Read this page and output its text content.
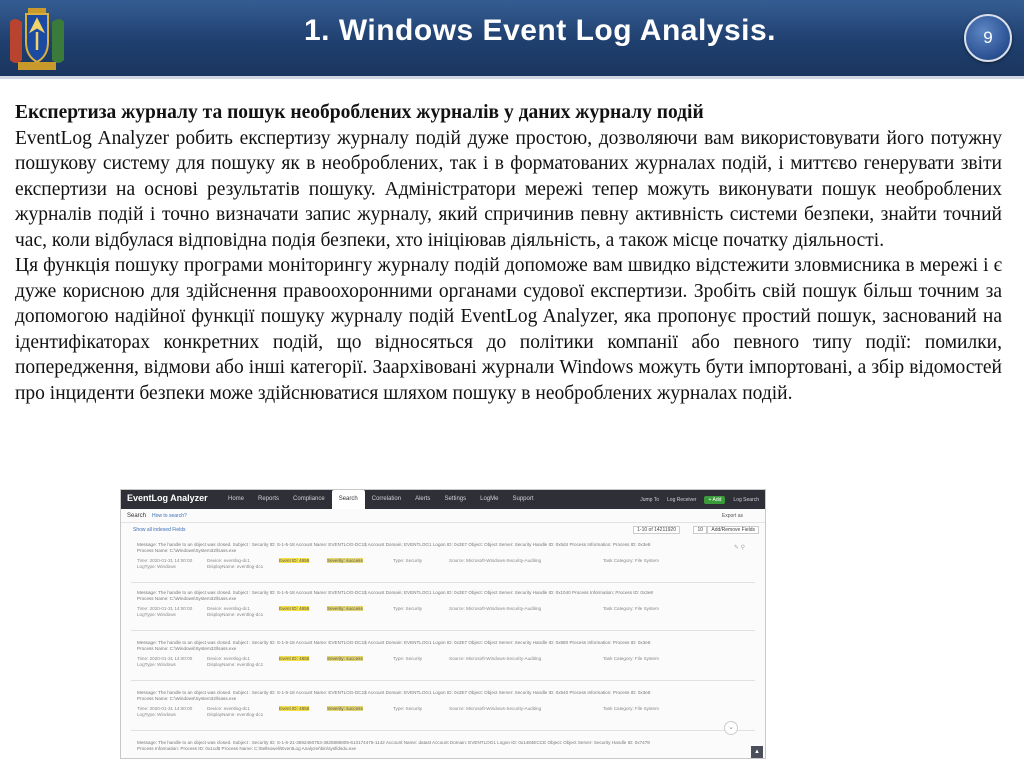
1. Windows Event Log Analysis.	9

Експертиза журналу та пошук необроблених журналів у даних журналу подій

EventLog Analyzer робить експертизу журналу подій дуже простою, дозволяючи вам використовувати його потужну пошукову систему для пошуку як в необроблених, так і в форматованих журналах подій, і миттєво генерувати звіти експертизи на основі результатів пошуку. Адміністратори мережі тепер можуть виконувати пошук необроблених журналів подій і точно визначати запис журналу, який спричинив певну активність системи безпеки, знайти точний час, коли відбулася відповідна подія безпеки, хто ініціював діяльність, а також місце початку діяльності.

Ця функція пошуку програми моніторингу журналу подій допоможе вам швидко відстежити зловмисника в мережі і є дуже корисною для здійснення правоохоронними органами судової експертизи. Зробіть свій пошук більш точним за допомогою надійної функції пошуку журналу подій EventLog Analyzer, яка пропонує простий пошук, заснований на ідентифікаторах конкретних подій, що відносяться до політики компанії або певного типу події: помилки, попередження, відмови або інші категорії. Заархівовані журнали Windows можуть бути імпортовані, а збір відомостей про інциденти безпеки може здійснюватися шляхом пошуку в необроблених журналах подій.

EventLog Analyzer	Home	Reports	Compliance	Search	Correlation	Alerts	Settings	LogMe	Support	Jump To Log Receiver	+ Add	Log Search
Search How to search?	Export as
Show all indexed Fields	1-10 of 14211920	10	Add/Remove Fields
Message: The handle to an object was closed. Subject : Security ID: S-1-5-18 Account Name: EVENTLOG-DC1$ Account Domain: EVENTLOG1 Logon ID: 0x3E7 Object: Object Server: Security Handle ID: 0x5d4 Process Information: Process ID: 0x3e8
Process Name: C:\Windows\System32\lsass.exe
Time: 2020-01-31 14:00:00	Device: eventlog-dc1	Event ID: 4658	Severity: success	Type: Security	Source: Microsoft-Windows-Security-Auditing	Task Category: File System
LogType: Windows	DisplayName: eventlog-dc1
✎ ⚲
Message: The handle to an object was closed. Subject : Security ID: S-1-5-18 Account Name: EVENTLOG-DC1$ Account Domain: EVENTLOG1 Logon ID: 0x3E7 Object: Object Server: Security Handle ID: 0x1040 Process Information: Process ID: 0x3e8
Process Name: C:\Windows\System32\lsass.exe
Time: 2020-01-31 14:00:00	Device: eventlog-dc1	Event ID: 4658	Severity: success	Type: Security	Source: Microsoft-Windows-Security-Auditing	Task Category: File System
LogType: Windows	DisplayName: eventlog-dc1
Message: The handle to an object was closed. Subject : Security ID: S-1-5-18 Account Name: EVENTLOG-DC1$ Account Domain: EVENTLOG1 Logon ID: 0x3E7 Object: Object Server: Security Handle ID: 0x980 Process Information: Process ID: 0x3e8
Process Name: C:\Windows\System32\lsass.exe
Time: 2020-01-31 14:00:00	Device: eventlog-dc1	Event ID: 4658	Severity: success	Type: Security	Source: Microsoft-Windows-Security-Auditing	Task Category: File System
LogType: Windows	DisplayName: eventlog-dc1
Message: The handle to an object was closed. Subject : Security ID: S-1-5-18 Account Name: EVENTLOG-DC1$ Account Domain: EVENTLOG1 Logon ID: 0x3E7 Object: Object Server: Security Handle ID: 0x540 Process Information: Process ID: 0x3e8
Process Name: C:\Windows\System32\lsass.exe
Time: 2020-01-31 14:00:00	Device: eventlog-dc1	Event ID: 4658	Severity: success	Type: Security	Source: Microsoft-Windows-Security-Auditing	Task Category: File System
LogType: Windows	DisplayName: eventlog-dc1
Message: The handle to an object was closed. Subject : Security ID: S-1-5-21-3692460753-3625888805-613174475-1142 Account Name: datast Account Domain: EVENTLOG1 Logon ID: 0x1484ECCE Object: Object Server: Security Handle ID: 0x7478
Process Information: Process ID: 0x1cd8 Process Name: C:\ttellsoweli\EventLog Analyzer\bin\sysfidsdu.exe
⌄
▲
